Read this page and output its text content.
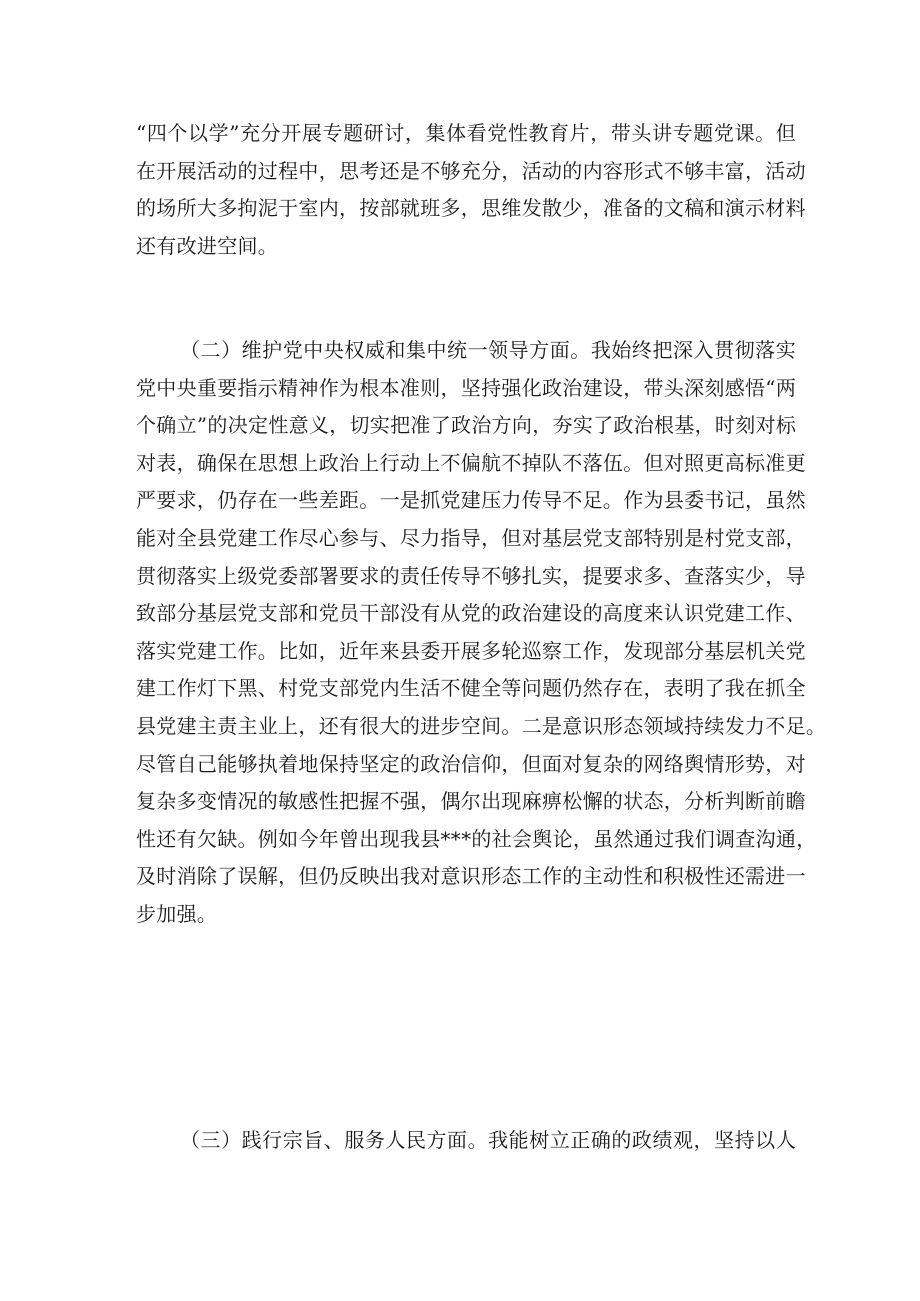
“四个以学”充分开展专题研讨，集体看党性教育片，带头讲专题党课。但
在开展活动的过程中，思考还是不够充分，活动的内容形式不够丰富，活动
的场所大多拘泥于室内，按部就班多，思维发散少，准备的文稿和演示材料
还有改进空间。
（二）维护党中央权威和集中统一领导方面。我始终把深入贯彻落实
党中央重要指示精神作为根本准则，坚持强化政治建设，带头深刻感悟“两
个确立”的决定性意义，切实把准了政治方向，夯实了政治根基，时刻对标
对表，确保在思想上政治上行动上不偏航不掉队不落伍。但对照更高标准更
严要求，仍存在一些差距。一是抓党建压力传导不足。作为县委书记，虽然
能对全县党建工作尽心参与、尽力指导，但对基层党支部特别是村党支部，
贯彻落实上级党委部署要求的责任传导不够扎实，提要求多、查落实少，导
致部分基层党支部和党员干部没有从党的政治建设的高度来认识党建工作、
落实党建工作。比如，近年来县委开展多轮巡察工作，发现部分基层机关党
建工作灯下黑、村党支部党内生活不健全等问题仍然存在，表明了我在抓全
县党建主责主业上，还有很大的进步空间。二是意识形态领域持续发力不足。
尽管自己能够执着地保持坚定的政治信仰，但面对复杂的网络舆情形势，对
复杂多变情况的敏感性把握不强，偶尔出现麻痹松懈的状态，分析判断前瞻
性还有欠缺。例如今年曾出现我县***的社会舆论，虽然通过我们调查沟通，
及时消除了误解，但仍反映出我对意识形态工作的主动性和积极性还需进一
步加强。
（三）践行宗旨、服务人民方面。我能树立正确的政绩观，坚持以人
